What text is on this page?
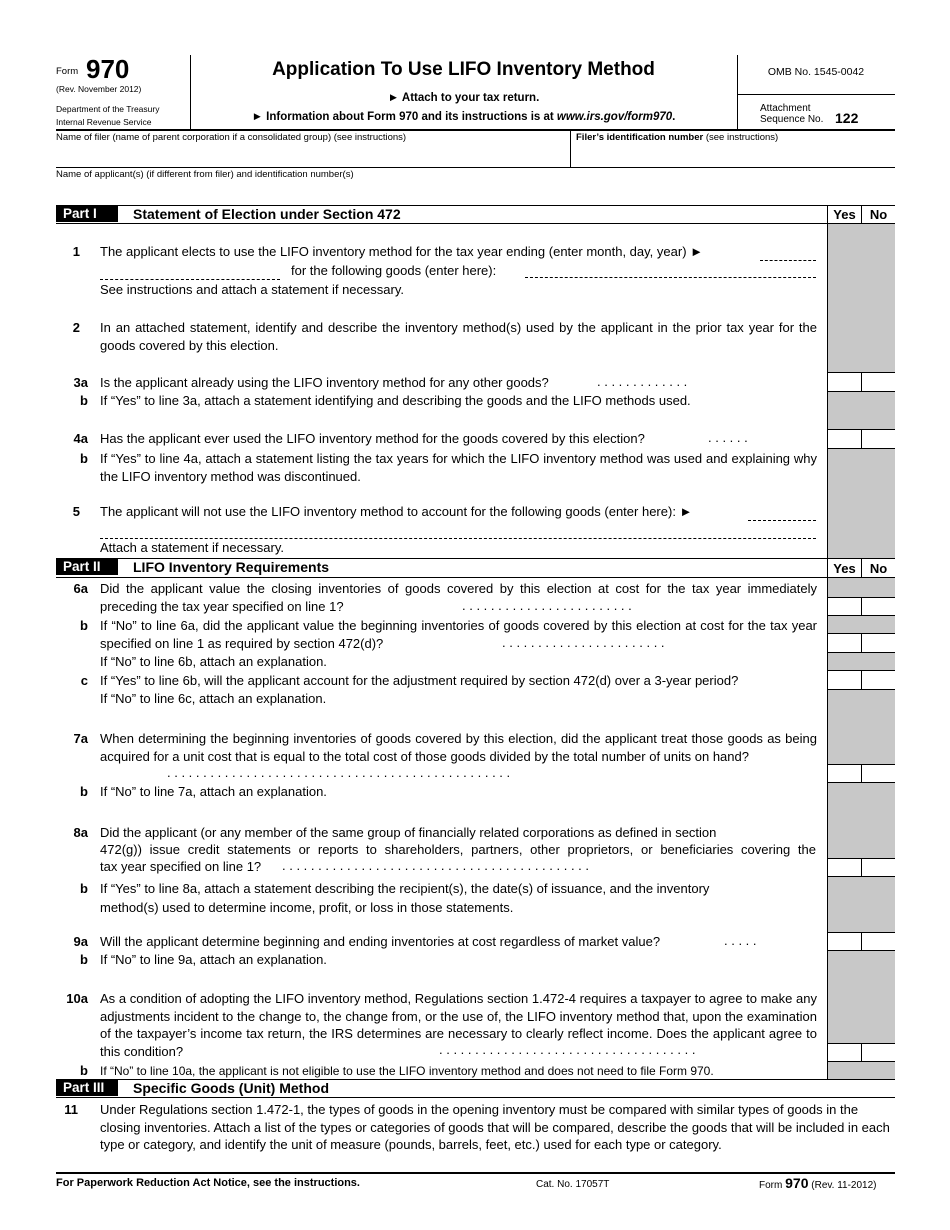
Form 970
(Rev. November 2012)
Department of the Treasury
Internal Revenue Service
Application To Use LIFO Inventory Method
► Attach to your tax return.
► Information about Form 970 and its instructions is at www.irs.gov/form970.
OMB No. 1545-0042
Attachment
Sequence No. 122
Name of filer (name of parent corporation if a consolidated group) (see instructions)	Filer’s identification number (see instructions)
Name of applicant(s) (if different from filer) and identification number(s)
Part I	Statement of Election under Section 472	Yes	No
1 The applicant elects to use the LIFO inventory method for the tax year ending (enter month, day, year) ►
for the following goods (enter here):
See instructions and attach a statement if necessary.
2 In an attached statement, identify and describe the inventory method(s) used by the applicant in the prior tax year for the goods covered by this election.
3a Is the applicant already using the LIFO inventory method for any other goods?	. . . . . . . . . . . . .
b If “Yes” to line 3a, attach a statement identifying and describing the goods and the LIFO methods used.
4a Has the applicant ever used the LIFO inventory method for the goods covered by this election?	. . . . . .
b If “Yes” to line 4a, attach a statement listing the tax years for which the LIFO inventory method was used and explaining why the LIFO inventory method was discontinued.
5 The applicant will not use the LIFO inventory method to account for the following goods (enter here): ►
Attach a statement if necessary.
Part II	LIFO Inventory Requirements	Yes	No
6a Did the applicant value the closing inventories of goods covered by this election at cost for the tax year immediately preceding the tax year specified on line 1?	. . . . . . . . . . . . . . . . . . . . . . . .
b If “No” to line 6a, did the applicant value the beginning inventories of goods covered by this election at cost for the tax year specified on line 1 as required by section 472(d)?	. . . . . . . . . . . . . . . . . . . . . . .
If “No” to line 6b, attach an explanation.
c If “Yes” to line 6b, will the applicant account for the adjustment required by section 472(d) over a 3-year period?
If “No” to line 6c, attach an explanation.
7a When determining the beginning inventories of goods covered by this election, did the applicant treat those goods as being acquired for a unit cost that is equal to the total cost of those goods divided by the total number of units on hand?
. . . . . . . . . . . . . . . . . . . . . . . . . . . . . . . . . . . . . . . . . . . . . . . .
b If “No” to line 7a, attach an explanation.
8a Did the applicant (or any member of the same group of financially related corporations as defined in section
472(g)) issue credit statements or reports to shareholders, partners, other proprietors, or beneficiaries covering the
tax year specified on line 1? . . . . . . . . . . . . . . . . . . . . . . . . . . . . . . . . . . . . . . . . . . .
b If “Yes” to line 8a, attach a statement describing the recipient(s), the date(s) of issuance, and the inventory
method(s) used to determine income, profit, or loss in those statements.
9a Will the applicant determine beginning and ending inventories at cost regardless of market value?	. . . . .
b If “No” to line 9a, attach an explanation.
10a As a condition of adopting the LIFO inventory method, Regulations section 1.472-4 requires a taxpayer to agree to make any adjustments incident to the change to, the change from, or the use of, the LIFO inventory method that, upon the examination of the taxpayer’s income tax return, the IRS determines are necessary to clearly reflect income. Does the applicant agree to this condition?	. . . . . . . . . . . . . . . . . . . . . . . . . . . . . . . . . . . .
b If “No” to line 10a, the applicant is not eligible to use the LIFO inventory method and does not need to file Form 970.
Part III	Specific Goods (Unit) Method
11 Under Regulations section 1.472-1, the types of goods in the opening inventory must be compared with similar types of goods in the closing inventories. Attach a list of the types or categories of goods that will be compared, describe the goods that will be included in each type or category, and identify the unit of measure (pounds, barrels, feet, etc.) used for each type or category.
For Paperwork Reduction Act Notice, see the instructions.	Cat. No. 17057T	Form 970 (Rev. 11-2012)
